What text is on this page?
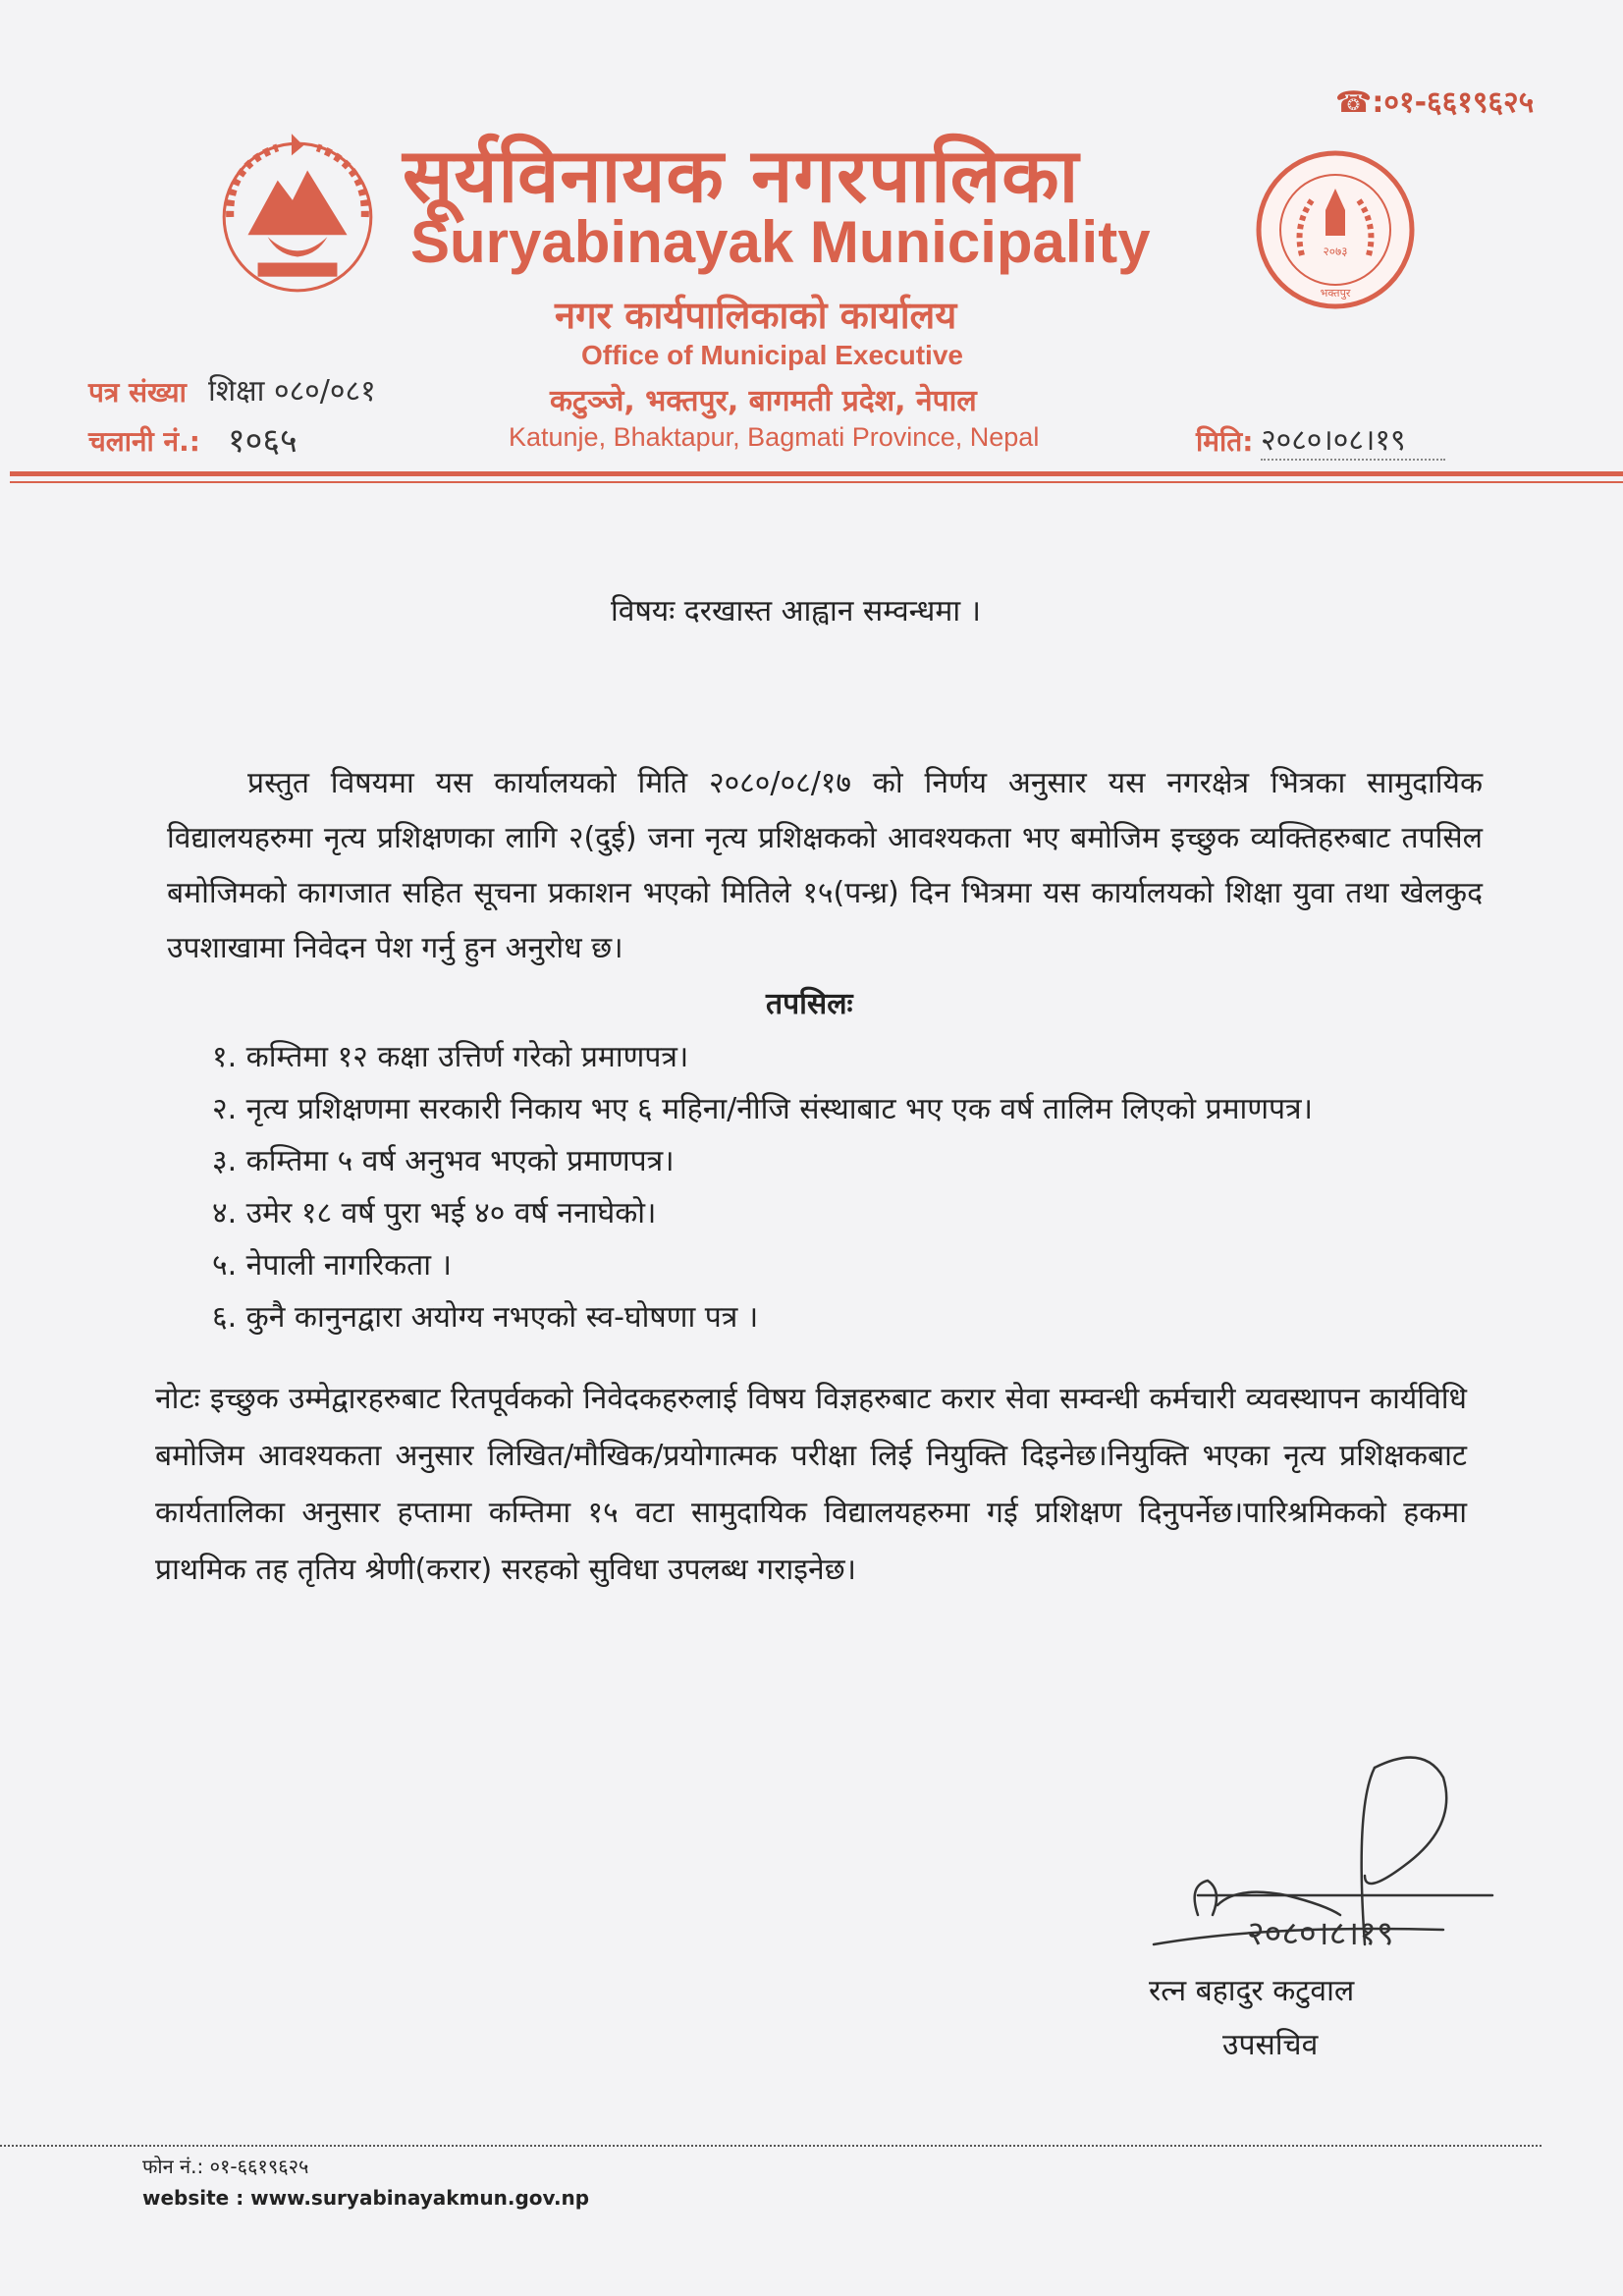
☎:०१-६६१९६२५
सूर्यविनायक नगरपालिका
Suryabinayak Municipality	२०७३
भक्तपुर
नगर कार्यपालिकाको कार्यालय
Office of Municipal Executive
कटुञ्जे, भक्तपुर, बागमती प्रदेश, नेपाल
Katunje, Bhaktapur, Bagmati Province, Nepal
पत्र संख्या शिक्षा ०८०/०८१
चलानी नं.: १०६५	मिति: २०८०।०८।१९
विषयः दरखास्त आह्वान सम्वन्धमा ।

प्रस्तुत विषयमा यस कार्यालयको मिति २०८०/०८/१७ को निर्णय अनुसार यस नगरक्षेत्र भित्रका सामुदायिक विद्यालयहरुमा नृत्य प्रशिक्षणका लागि २(दुई) जना नृत्य प्रशिक्षकको आवश्यकता भए बमोजिम इच्छुक व्यक्तिहरुबाट तपसिल बमोजिमको कागजात सहित सूचना प्रकाशन भएको मितिले १५(पन्ध्र) दिन भित्रमा यस कार्यालयको शिक्षा युवा तथा खेलकुद उपशाखामा निवेदन पेश गर्नु हुन अनुरोध छ।

तपसिलः
१. कम्तिमा १२ कक्षा उत्तिर्ण गरेको प्रमाणपत्र।
२. नृत्य प्रशिक्षणमा सरकारी निकाय भए ६ महिना/नीजि संस्थाबाट भए एक वर्ष तालिम लिएको प्रमाणपत्र।
३. कम्तिमा ५ वर्ष अनुभव भएको प्रमाणपत्र।
४. उमेर १८ वर्ष पुरा भई ४० वर्ष ननाघेको।
५. नेपाली नागरिकता ।
६. कुनै कानुनद्वारा अयोग्य नभएको स्व-घोषणा पत्र ।
नोटः इच्छुक उम्मेद्वारहरुबाट रितपूर्वकको निवेदकहरुलाई विषय विज्ञहरुबाट करार सेवा सम्वन्धी कर्मचारी व्यवस्थापन कार्यविधि बमोजिम आवश्यकता अनुसार लिखित/मौखिक/प्रयोगात्मक परीक्षा लिई नियुक्ति दिइनेछ।नियुक्ति भएका नृत्य प्रशिक्षकबाट कार्यतालिका अनुसार हप्तामा कम्तिमा १५ वटा सामुदायिक विद्यालयहरुमा गई प्रशिक्षण दिनुपर्नेछ।पारिश्रमिकको हकमा प्राथमिक तह तृतिय श्रेणी(करार) सरहको सुविधा उपलब्ध गराइनेछ।
२०८०।८।१९
रत्न बहादुर कटुवाल
उपसचिव
फोन नं.: ०१-६६१९६२५
website : www.suryabinayakmun.gov.np
